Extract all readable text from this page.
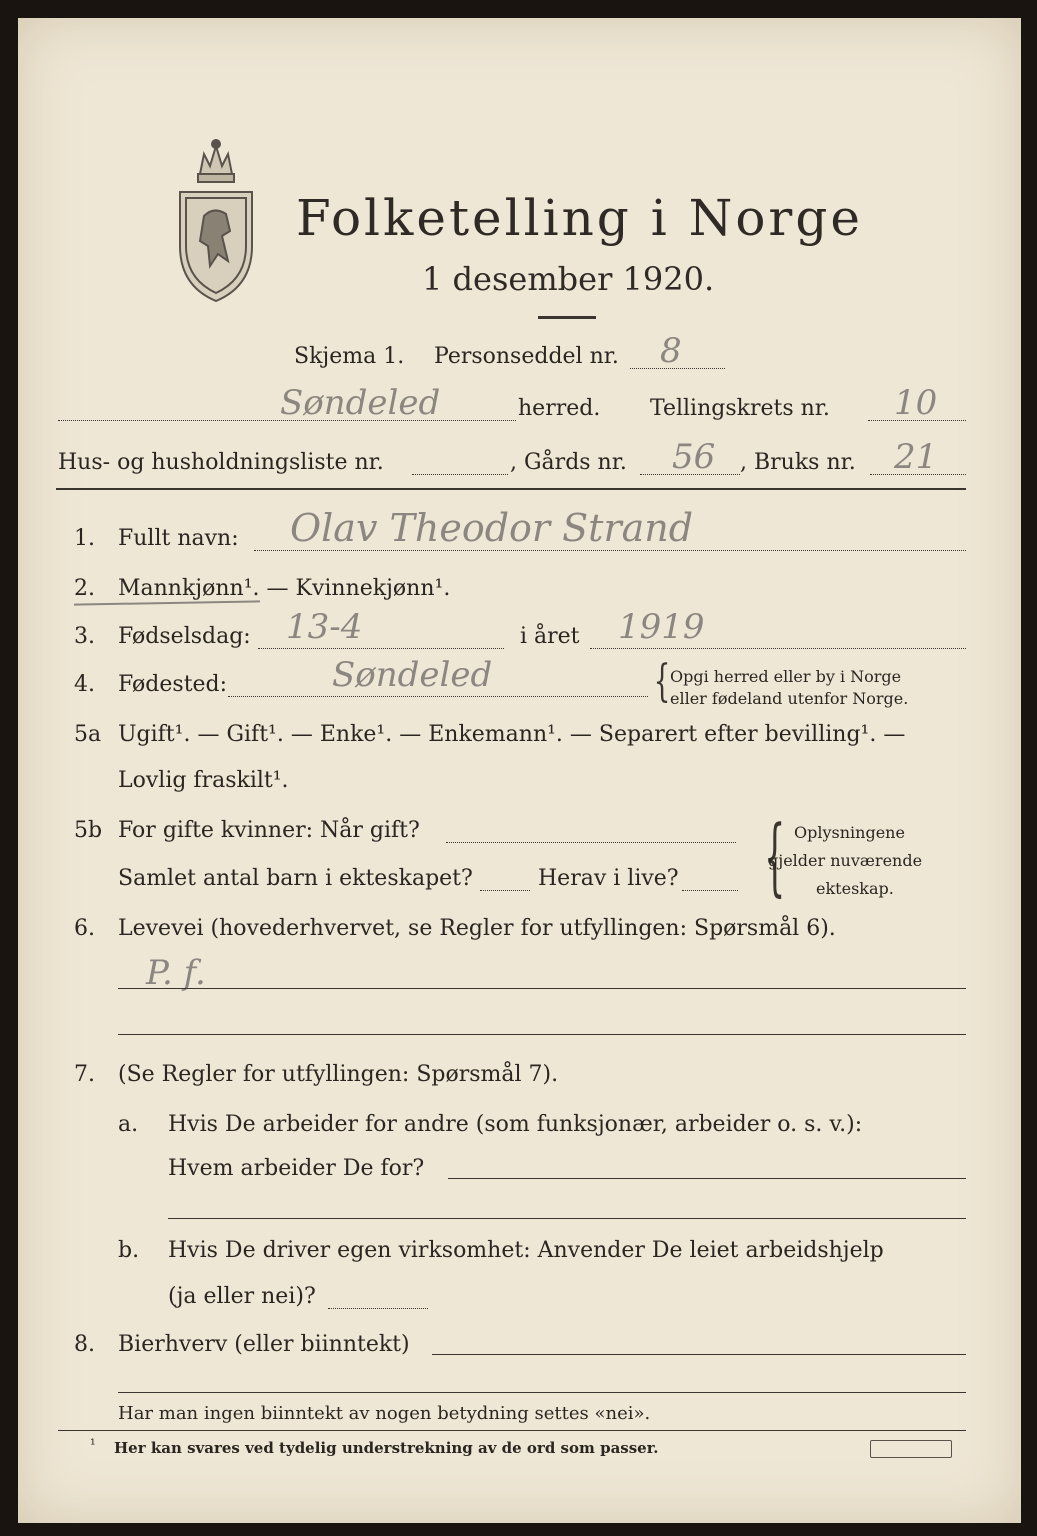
Folketelling i Norge
1 desember 1920.
Skjema 1. Personseddel nr. 8
Søndeled	herred. Tellingskrets nr. 10
Hus- og husholdningsliste nr.	, Gårds nr. 56 , Bruks nr. 21
1. Fullt navn: Olav Theodor Strand
2. Mannkjønn¹. — Kvinnekjønn¹.
3. Fødselsdag: 13-4	i året 1919
4. Fødested:	Søndeled	{ Opgi herred eller by i Norge
eller fødeland utenfor Norge.
5a Ugift¹. — Gift¹. — Enke¹. — Enkemann¹. — Separert efter bevilling¹. —
Lovlig fraskilt¹.
5b For gifte kvinner: Når gift?
Samlet antal barn i ekteskapet?	Herav i live? { Oplysningene
gjelder nuværende
ekteskap.
6. Levevei (hovederhvervet, se Regler for utfyllingen: Spørsmål 6).
P. f.
7. (Se Regler for utfyllingen: Spørsmål 7).
a. Hvis De arbeider for andre (som funksjonær, arbeider o. s. v.):
Hvem arbeider De for?
b. Hvis De driver egen virksomhet: Anvender De leiet arbeidshjelp
(ja eller nei)?
8. Bierhverv (eller biinntekt)
Har man ingen biinntekt av nogen betydning settes «nei».
¹ Her kan svares ved tydelig understrekning av de ord som passer.
